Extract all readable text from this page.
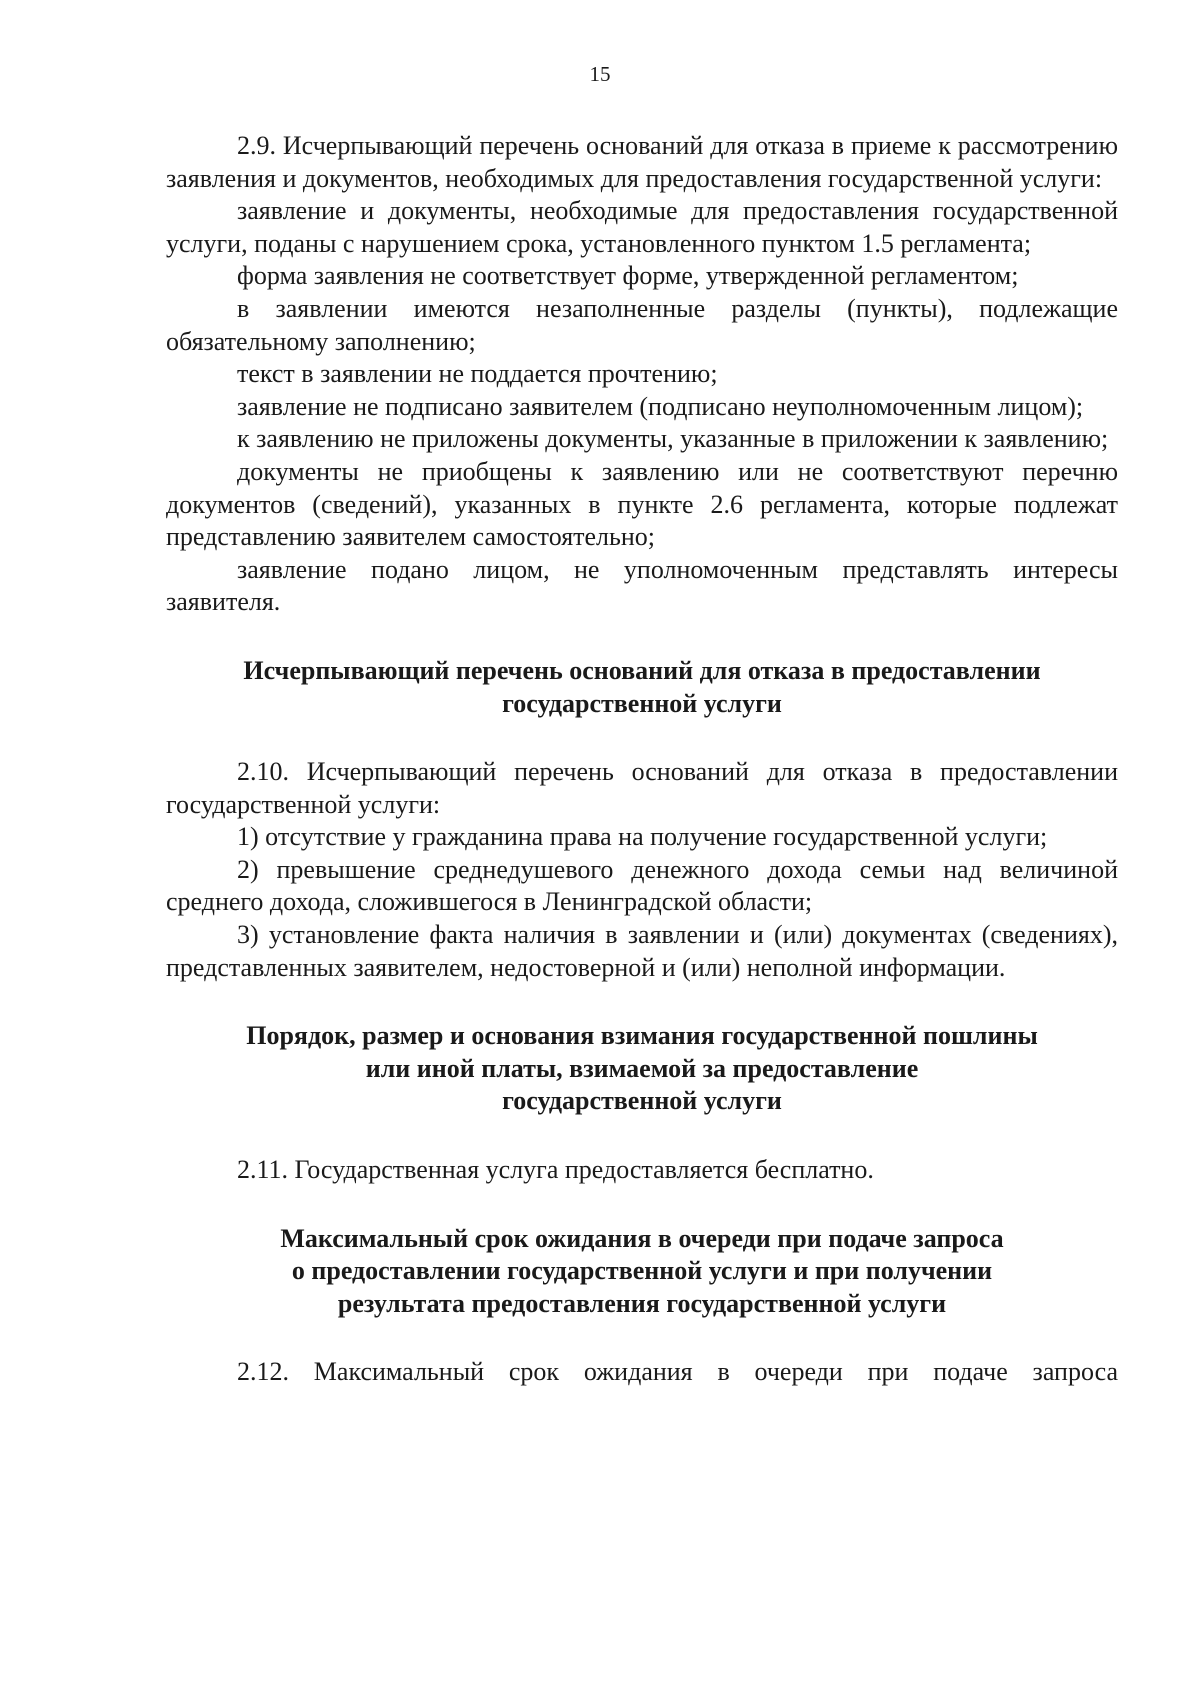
15

2.9. Исчерпывающий перечень оснований для отказа в приеме к рассмотрению заявления и документов, необходимых для предоставления государственной услуги:

заявление и документы, необходимые для предоставления государственной услуги, поданы с нарушением срока, установленного пунктом 1.5 регламента;

форма заявления не соответствует форме, утвержденной регламентом;

в заявлении имеются незаполненные разделы (пункты), подлежащие обязательному заполнению;

текст в заявлении не поддается прочтению;

заявление не подписано заявителем (подписано неуполномоченным лицом);

к заявлению не приложены документы, указанные в приложении к заявлению;

документы не приобщены к заявлению или не соответствуют перечню документов (сведений), указанных в пункте 2.6 регламента, которые подлежат представлению заявителем самостоятельно;

заявление подано лицом, не уполномоченным представлять интересы заявителя.

Исчерпывающий перечень оснований для отказа в предоставлении
государственной услуги

2.10. Исчерпывающий перечень оснований для отказа в предоставлении государственной услуги:

1) отсутствие у гражданина права на получение государственной услуги;

2) превышение среднедушевого денежного дохода семьи над величиной среднего дохода, сложившегося в Ленинградской области;

3) установление факта наличия в заявлении и (или) документах (сведениях), представленных заявителем, недостоверной и (или) неполной информации.

Порядок, размер и основания взимания государственной пошлины
или иной платы, взимаемой за предоставление
государственной услуги

2.11. Государственная услуга предоставляется бесплатно.

Максимальный срок ожидания в очереди при подаче запроса
о предоставлении государственной услуги и при получении
результата предоставления государственной услуги

2.12. Максимальный срок ожидания в очереди при подаче запроса
